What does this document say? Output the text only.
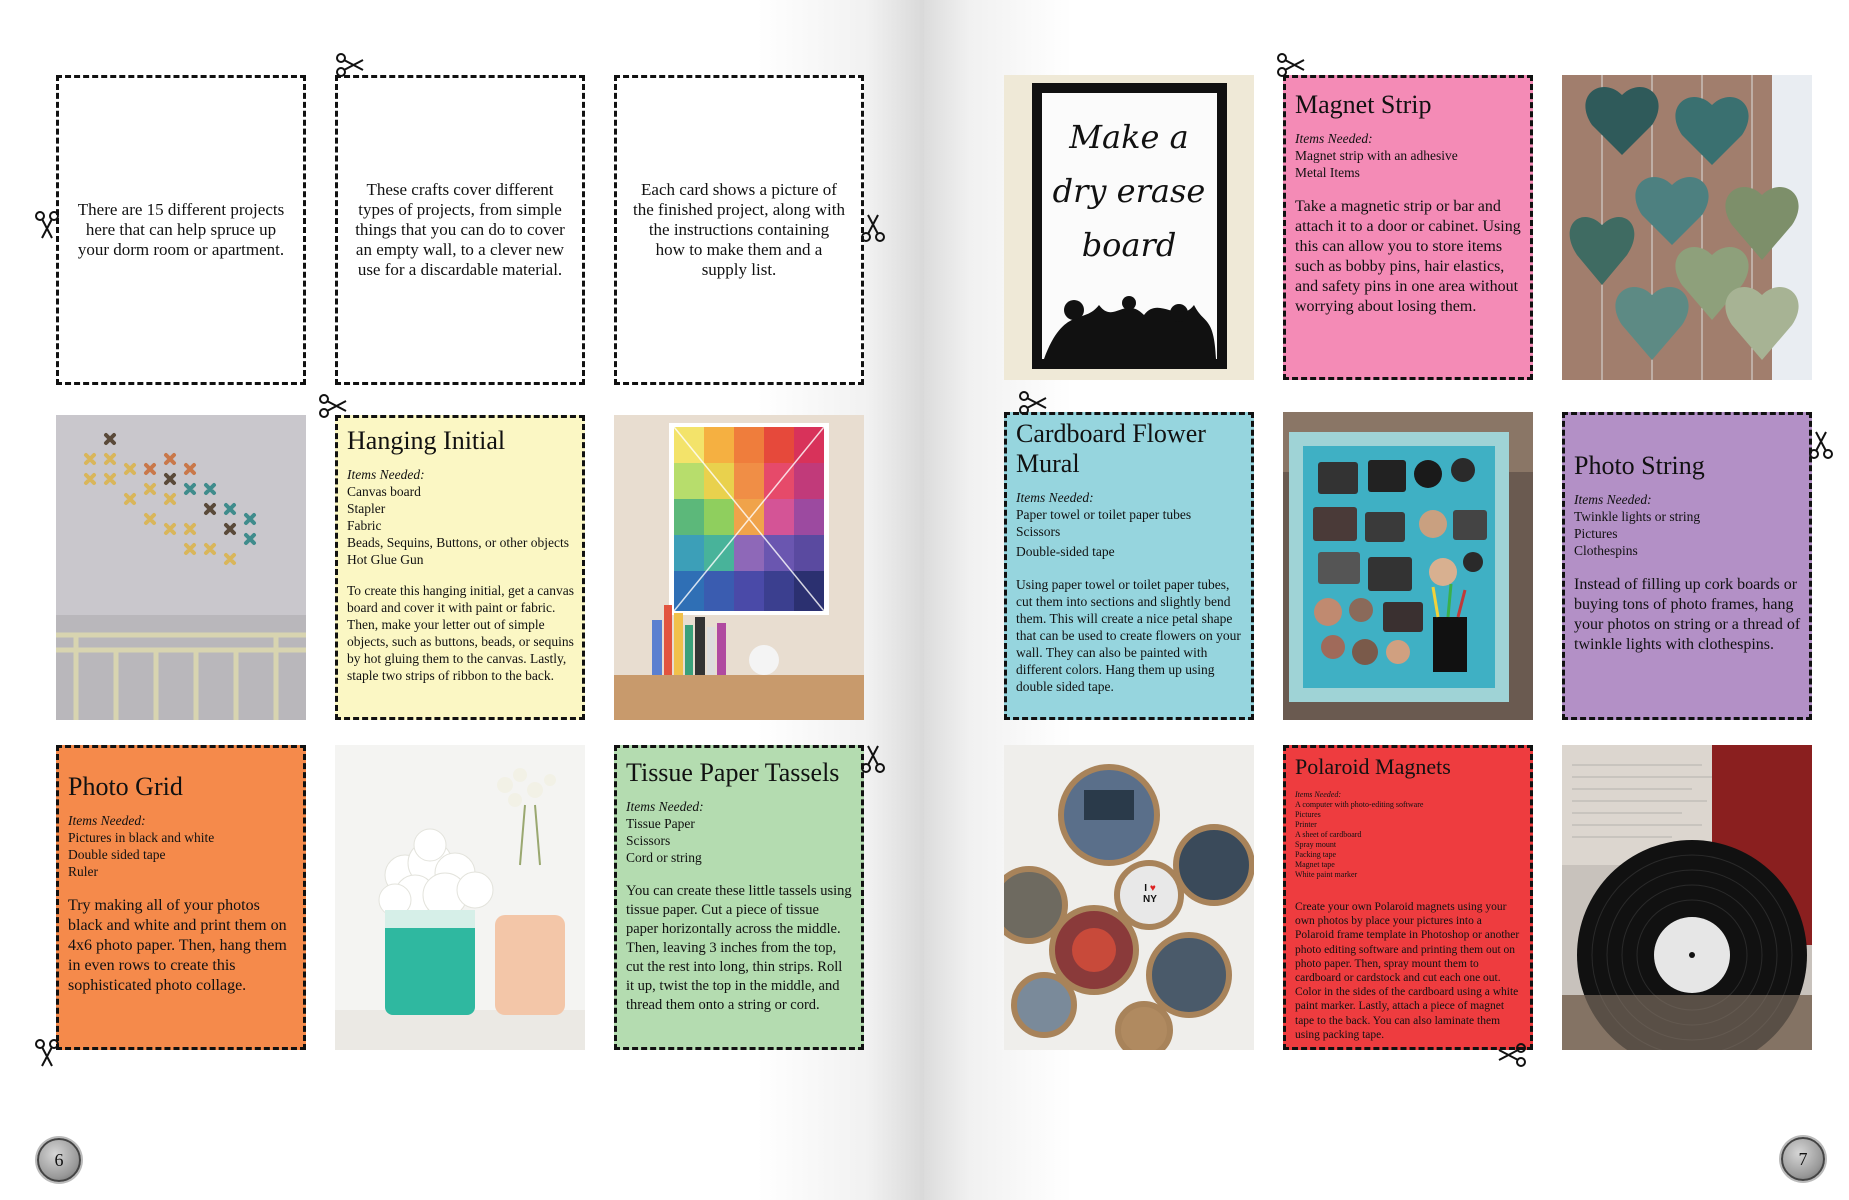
There are 15 different projects here that can help spruce up your dorm room or apartment.
These crafts cover different types of projects, from simple things that you can do to cover an empty wall, to a clever new use for a discardable material.
Each card shows a picture of the finished project, along with the instructions containing how to make them and a supply list.
Hanging Initial
Items Needed:
Canvas board
Stapler
Fabric
Beads, Sequins, Buttons, or other objects
Hot Glue Gun
To create this hanging initial, get a canvas board and cover it with paint or fabric. Then, make your letter out of simple objects, such as buttons, beads, or sequins by hot gluing them to the canvas. Lastly, staple two strips of ribbon to the back.
Photo Grid
Items Needed:
Pictures in black and white
Double sided tape
Ruler
Try making all of your photos black and white and print them on 4x6 photo paper. Then, hang them in even rows to create this sophisticated photo collage.
Tissue Paper Tassels
Items Needed:
Tissue Paper
Scissors
Cord or string
You can create these little tassels using tissue paper. Cut a piece of tissue paper horizontally across the middle. Then, leaving 3 inches from the top, cut the rest into long, thin strips. Roll it up, twist the top in the middle, and thread them onto a string or cord.
6
Make a
dry erase
board
Magnet Strip
Items Needed:
Magnet strip with an adhesive
Metal Items
Take a magnetic strip or bar and attach it to a door or cabinet. Using this can allow you to store items such as bobby pins, hair elastics, and safety pins in one area without worrying about losing them.
Cardboard Flower Mural
Items Needed:
Paper towel or toilet paper tubes
Scissors
Double-sided tape
Using paper towel or toilet paper tubes, cut them into sections and slightly bend them. This will create a nice petal shape that can be used to create flowers on your wall. They can also be painted with different colors. Hang them up using double sided tape.
Photo String
Items Needed:
Twinkle lights or string
Pictures
Clothespins
Instead of filling up cork boards or buying tons of photo frames, hang your photos on string or a thread of twinkle lights with clothespins.
I ♥
NY
Polaroid Magnets
Items Needed:
A computer with photo-editing software
Pictures
Printer
A sheet of cardboard
Spray mount
Packing tape
Magnet tape
White paint marker
Create your own Polaroid magnets using your own photos by place your pictures into a Polaroid frame template in Photoshop or another photo editing software and printing them out on photo paper. Then, spray mount them to cardboard or cardstock and cut each one out. Color in the sides of the cardboard using a white paint marker. Lastly, attach a piece of magnet tape to the back. You can also laminate them using packing tape.
7
